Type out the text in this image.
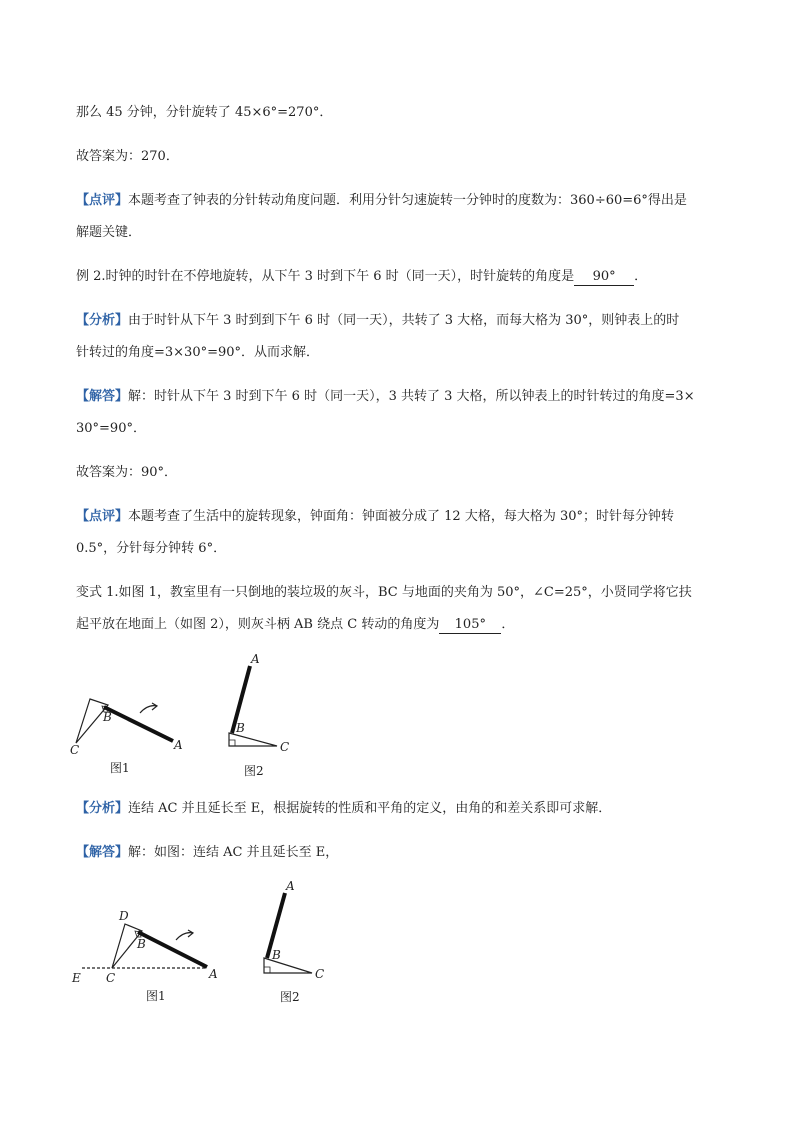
那么 45 分钟，分针旋转了 45×6°=270°．
故答案为：270．
【点评】本题考查了钟表的分针转动角度问题．利用分针匀速旋转一分钟时的度数为：360÷60=6°得出是
解题关键．
例 2.时钟的时针在不停地旋转，从下午 3 时到下午 6 时（同一天），时针旋转的角度是 90° ．
【分析】由于时针从下午 3 时到到下午 6 时（同一天），共转了 3 大格，而每大格为 30°，则钟表上的时
针转过的角度=3×30°=90°．从而求解．
【解答】解：时针从下午 3 时到下午 6 时（同一天），3 共转了 3 大格，所以钟表上的时针转过的角度=3×
30°=90°．
故答案为：90°．
【点评】本题考查了生活中的旋转现象，钟面角：钟面被分成了 12 大格，每大格为 30°；时针每分钟转
0.5°，分针每分钟转 6°．
变式 1.如图 1，教室里有一只倒地的装垃圾的灰斗，BC 与地面的夹角为 50°，∠C=25°，小贤同学将它扶
起平放在地面上（如图 2），则灰斗柄 AB 绕点 C 转动的角度为 105° ．
B
C	A
图1
A
B
C
图2
【分析】连结 AC 并且延长至 E，根据旋转的性质和平角的定义，由角的和差关系即可求解．
【解答】解：如图：连结 AC 并且延长至 E，
D
B
C
E	A
图1
A
B
C
图2
